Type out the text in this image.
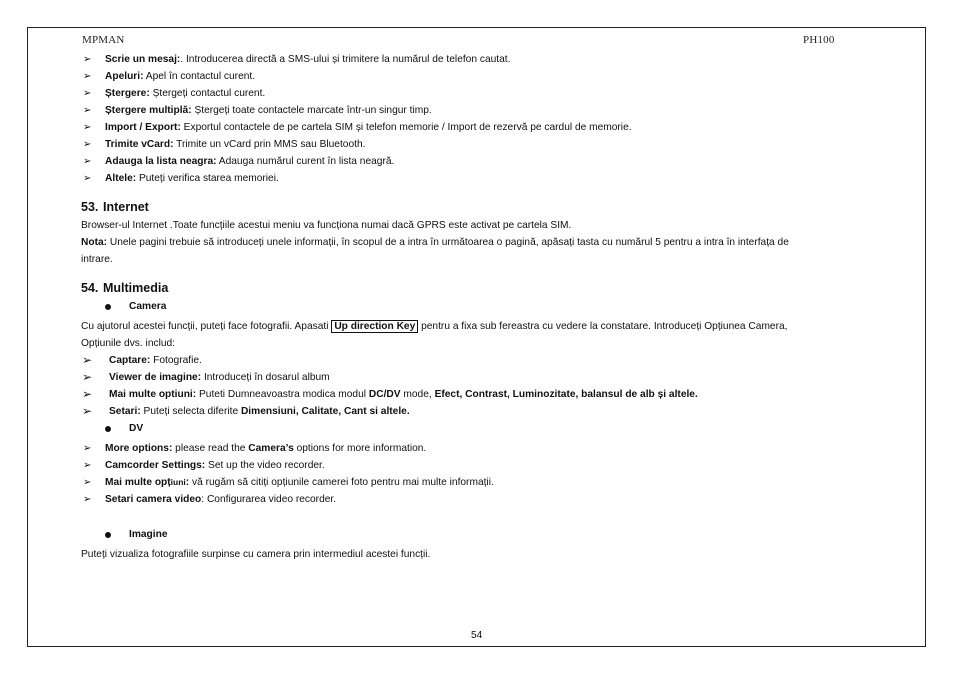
MPMAN	PH100
➢ Scrie un mesaj:. Introducerea directă a SMS-ului și trimitere la numărul de telefon cautat.
➢ Apeluri: Apel în contactul curent.
➢ Ștergere: Ștergeți contactul curent.
➢ Ștergere multiplă: Ștergeți toate contactele marcate într-un singur timp.
➢ Import / Export: Exportul contactele de pe cartela SIM și telefon memorie / Import de rezervă pe cardul de memorie.
➢ Trimite vCard: Trimite un vCard prin MMS sau Bluetooth.
➢ Adauga la lista neagra: Adauga numărul curent în lista neagră.
➢ Altele: Puteți verifica starea memoriei.
53. Internet
Browser-ul Internet .Toate funcțiile acestui meniu va funcționa numai dacă GPRS este activat pe cartela SIM.
Nota: Unele pagini trebuie să introduceți unele informații, în scopul de a intra în următoarea o pagină, apăsați tasta cu numărul 5 pentru a intra în interfața de
intrare.
54. Multimedia
Camera
Cu ajutorul acestei funcții, puteți face fotografii. Apasati Up direction Key pentru a fixa sub fereastra cu vedere la constatare. Introduceți Opțiunea Camera,
Opțiunile dvs. includ:
➢ Captare: Fotografie.
➢ Viewer de imagine: Introduceți în dosarul album
➢ Mai multe optiuni: Puteti Dumneavoastra modica modul DC/DV mode, Efect, Contrast, Luminozitate, balansul de alb și altele.
➢ Setari: Puteți selecta diferite Dimensiuni, Calitate, Cant si altele.
DV
➢ More options: please read the Camera’s options for more information.
➢ Camcorder Settings: Set up the video recorder.
➢ Mai multe opțiuni: vă rugăm să citiți opțiunile camerei foto pentru mai multe informații.
➢ Setari camera video: Configurarea video recorder.
Imagine
Puteți vizualiza fotografiile surpinse cu camera prin intermediul acestei funcții.
54
